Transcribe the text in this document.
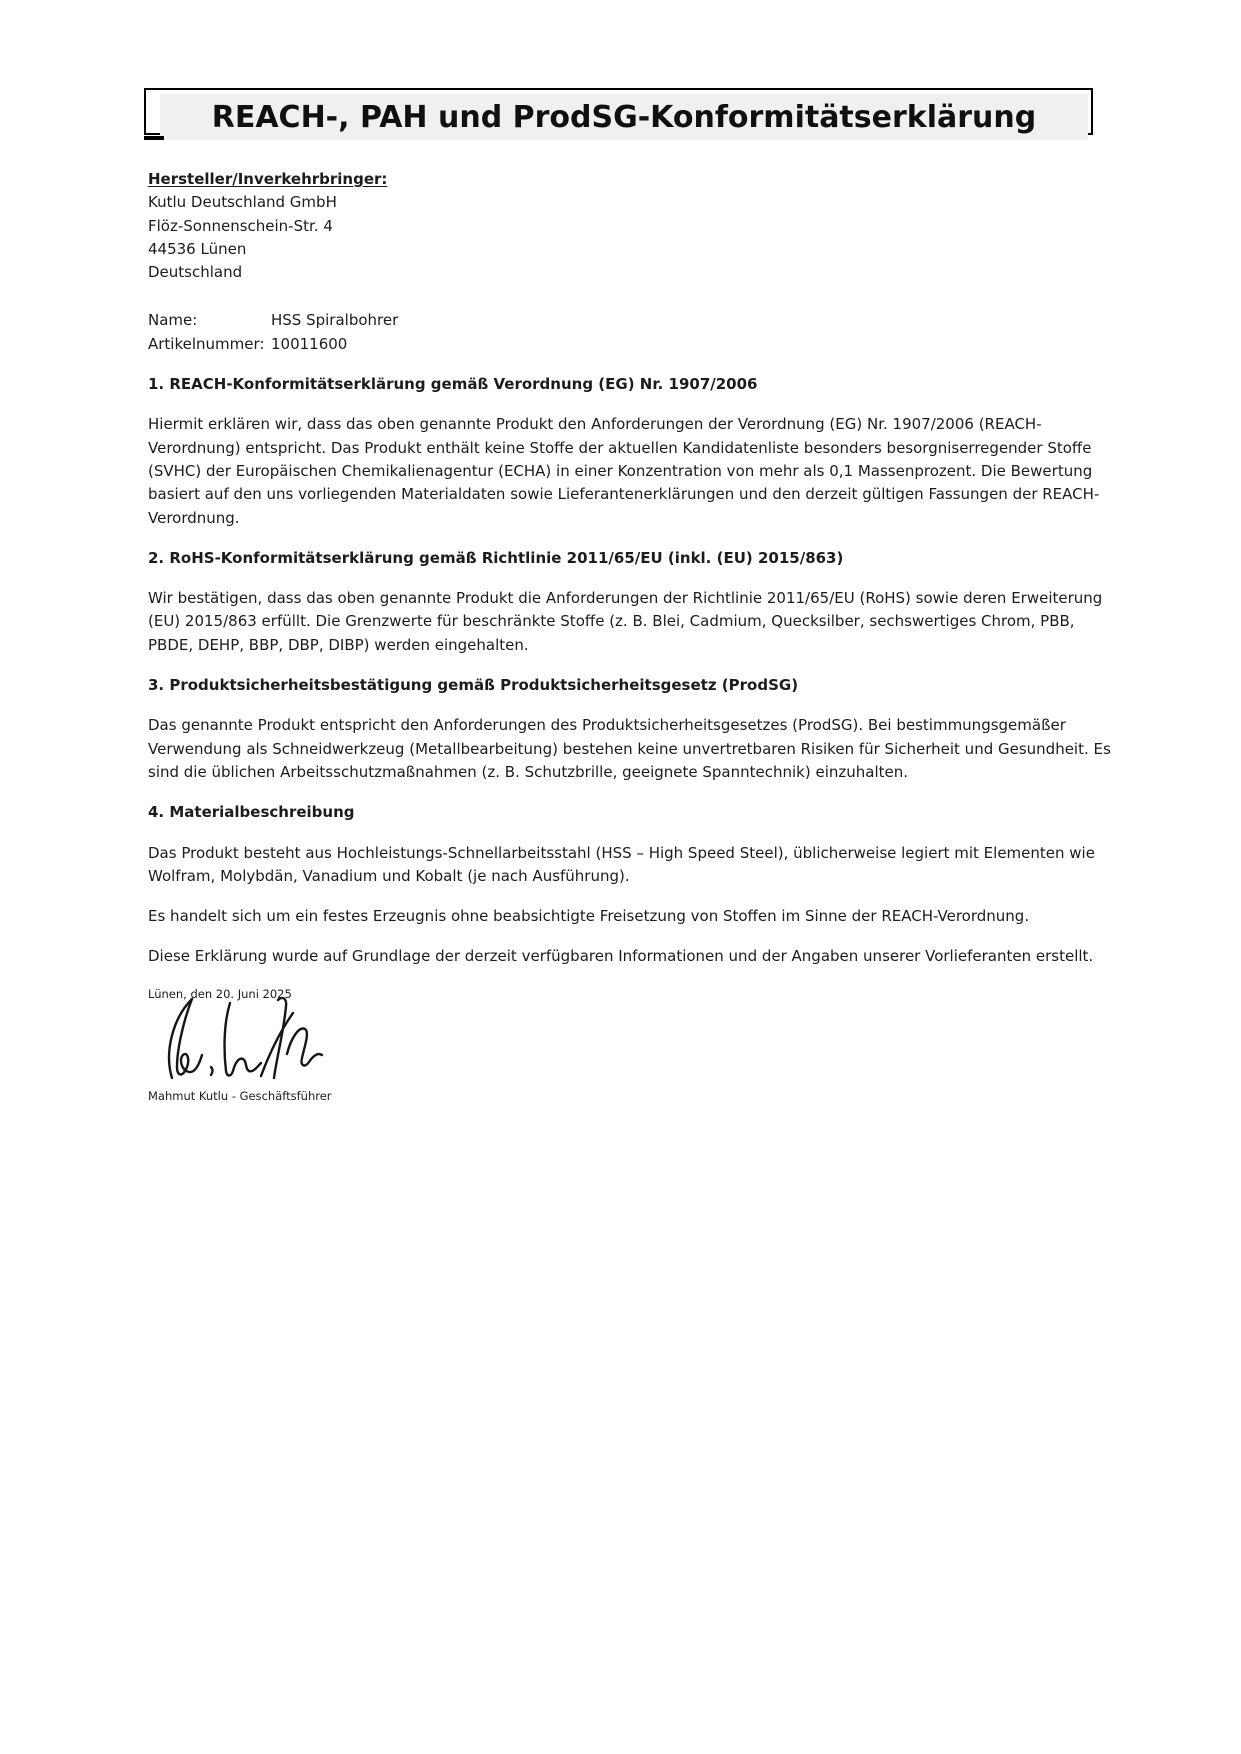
REACH-, PAH und ProdSG-Konformitätserklärung
Hersteller/Inverkehrbringer:
Kutlu Deutschland GmbH
Flöz-Sonnenschein-Str. 4
44536 Lünen
Deutschland
Name:	HSS Spiralbohrer
Artikelnummer: 10011600
1. REACH-Konformitätserklärung gemäß Verordnung (EG) Nr. 1907/2006

Hiermit erklären wir, dass das oben genannte Produkt den Anforderungen der Verordnung (EG) Nr. 1907/2006 (REACH-Verordnung) entspricht. Das Produkt enthält keine Stoffe der aktuellen Kandidatenliste besonders besorgniserregender Stoffe (SVHC) der Europäischen Chemikalienagentur (ECHA) in einer Konzentration von mehr als 0,1 Massenprozent. Die Bewertung basiert auf den uns vorliegenden Materialdaten sowie Lieferantenerklärungen und den derzeit gültigen Fassungen der REACH-Verordnung.

2. RoHS-Konformitätserklärung gemäß Richtlinie 2011/65/EU (inkl. (EU) 2015/863)

Wir bestätigen, dass das oben genannte Produkt die Anforderungen der Richtlinie 2011/65/EU (RoHS) sowie deren Erweiterung (EU) 2015/863 erfüllt. Die Grenzwerte für beschränkte Stoffe (z. B. Blei, Cadmium, Quecksilber, sechswertiges Chrom, PBB, PBDE, DEHP, BBP, DBP, DIBP) werden eingehalten.

3. Produktsicherheitsbestätigung gemäß Produktsicherheitsgesetz (ProdSG)

Das genannte Produkt entspricht den Anforderungen des Produktsicherheitsgesetzes (ProdSG). Bei bestimmungsgemäßer Verwendung als Schneidwerkzeug (Metallbearbeitung) bestehen keine unvertretbaren Risiken für Sicherheit und Gesundheit. Es sind die üblichen Arbeitsschutzmaßnahmen (z. B. Schutzbrille, geeignete Spanntechnik) einzuhalten.

4. Materialbeschreibung

Das Produkt besteht aus Hochleistungs-Schnellarbeitsstahl (HSS – High Speed Steel), üblicherweise legiert mit Elementen wie Wolfram, Molybdän, Vanadium und Kobalt (je nach Ausführung).

Es handelt sich um ein festes Erzeugnis ohne beabsichtigte Freisetzung von Stoffen im Sinne der REACH-Verordnung.

Diese Erklärung wurde auf Grundlage der derzeit verfügbaren Informationen und der Angaben unserer Vorlieferanten erstellt.

Lünen, den 20. Juni 2025
Mahmut Kutlu - Geschäftsführer
